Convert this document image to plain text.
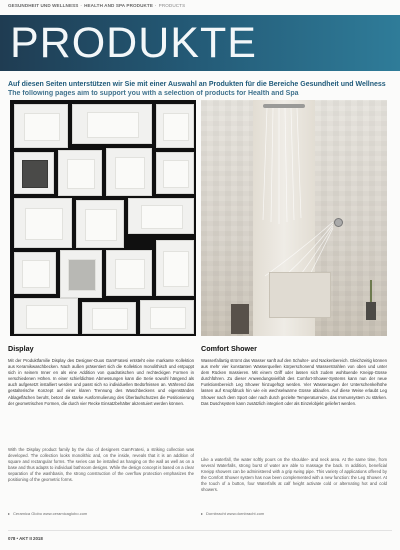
GESUNDHEIT UND WELLNESS · HEALTH AND SPA PRODUKTE · PRODUCTS
PRODUKTE
Auf diesen Seiten unterstützen wir Sie mit einer Auswahl an Produkten für die Bereiche Gesundheit und Wellness
The following pages aim to support you with a selection of products for Health and Spa
Display	Comfort Shower
Mit der Produktfamilie Display des Designer-Duos GamFratesi entsteht eine markante Kollektion aus Keramikwaschbecken. Nach außen präsentiert sich die Kollektion monolithisch und entpuppt sich in seinem Inner en als eine Addition von quadratischen und rechteckigen Formen in verschiedenen Höhen. In einer schiefdichten Abmessungen kann die Serie sowohl hängend als auch aufgesetzt installiert werden und passt sich so individuellen Bedürfnissen an. Während das gestalterische Konzept auf einer klaren Trennung des Waschbeckens und eigenständen Ablageflächen beruht, betont die starke Ausformulierung des Überlaufschutzes die Positionierung der geometrischen Formen, die durch vier Recke Einsatzbehälter akzentuiert werden können.
With the Display product family by the duo of designers GamFratesi, a striking collection was developed. The collection looks monolithic and, on the inside, reveals that it is an addition of square and rectangular forms. The series can be installed as hanging on the wall as well as on a base and thus adapts to individual bathroom designs. While the design concept is based on a clear separation of the washbasin, the strong construction of the overflow protection emphasizes the positioning of the geometric forms.
Wasserfallartig strömt das Wasser sanft auf den Schulter- und Nackenbereich. Gleichzeitig können aus mehr vier konstanten Wasserquellen körperschonend Wasserstrahlen von oben und unter dem Rücken massieren. Mit einem Griff oder lassen sich zudem wohltuende Kneipp-Güsse durchführen. Zu dieser Anwendungsvielfalt des Comfort-Shower-Systems kann nun der neue Funktionsbereich Leg Shower hinzugefügt werden. Vier Wasseraugen der Unterschenkelhöhe lassen auf Knopfdruck hin wie ein wechselwarme Güsse ablaufen. Auf diese Weise erlaubt Leg Shower nach dem Sport oder nach durch gezielte Temperaturreize, das Immunsystem zu stärken. Das Duschsystem kann zusätzlich integriert oder als Einzelobjekt geliefert werden.
Like a waterfall, the water softly pours on the shoulder- and neck area. At the same time, from several Waterfalls, strong burst of water are able to massage the back. In addition, beneficial Kneipp showers can be administered with a grip swing pipe. This variety of applications offered by the Comfort Shower system has now been complemented with a new function: the Leg Shower. At the touch of a button, four Waterfalls at calf height activate cold or alternating hot and cold showers.
▸ Ceramica Globo www.ceramicaglobo.com	▸ Dornbracht www.dornbracht.com
078 • AKT II 2018
